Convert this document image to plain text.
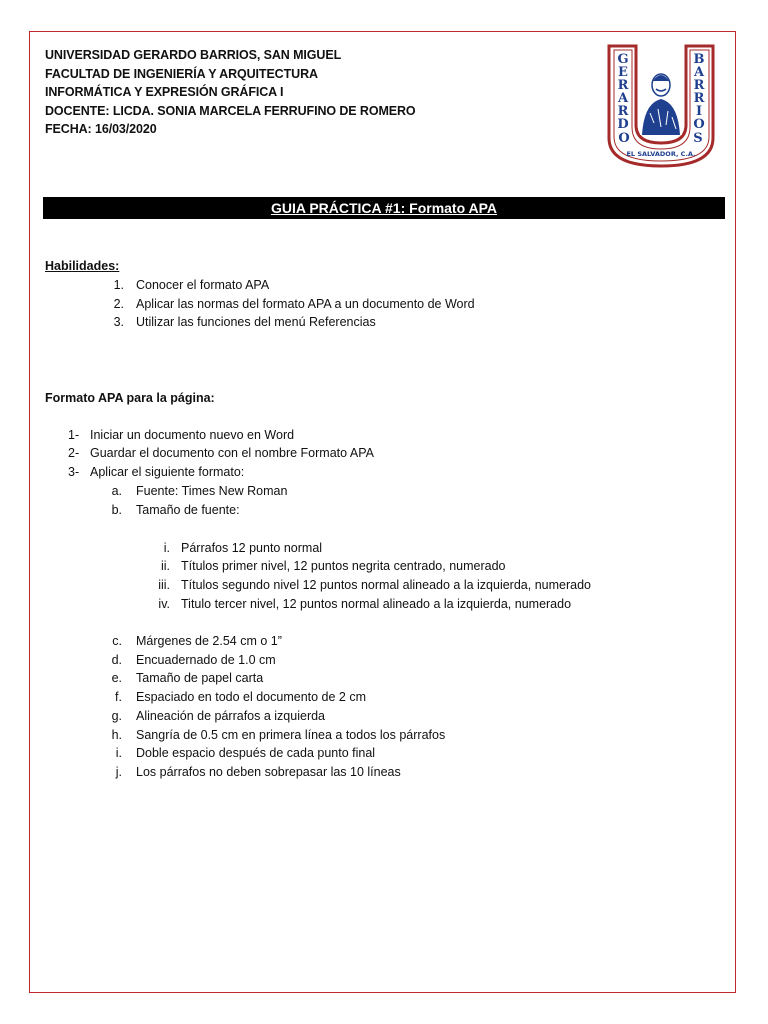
UNIVERSIDAD GERARDO BARRIOS, SAN MIGUEL
FACULTAD DE INGENIERÍA Y ARQUITECTURA
INFORMÁTICA Y EXPRESIÓN GRÁFICA I
DOCENTE: LICDA. SONIA MARCELA FERRUFINO DE ROMERO
FECHA: 16/03/2020
G
E
R
A
R
D
O
B
A
R
R
I
O
S
EL SALVADOR, C.A.
GUIA PRÁCTICA #1: Formato APA
Habilidades:
1. Conocer el formato APA
2. Aplicar las normas del formato APA a un documento de Word
3. Utilizar las funciones del menú Referencias
Formato APA para la página:
1- Iniciar un documento nuevo en Word
2- Guardar el documento con el nombre Formato APA
3- Aplicar el siguiente formato:
a. Fuente: Times New Roman
b. Tamaño de fuente:
i. Párrafos 12 punto normal
ii. Títulos primer nivel, 12 puntos negrita centrado, numerado
iii. Títulos segundo nivel 12 puntos normal alineado a la izquierda, numerado
iv. Titulo tercer nivel, 12 puntos normal alineado a la izquierda, numerado
c. Márgenes de 2.54 cm o 1”
d. Encuadernado de 1.0 cm
e. Tamaño de papel carta
f. Espaciado en todo el documento de 2 cm
g. Alineación de párrafos a izquierda
h. Sangría de 0.5 cm en primera línea a todos los párrafos
i. Doble espacio después de cada punto final
j. Los párrafos no deben sobrepasar las 10 líneas
